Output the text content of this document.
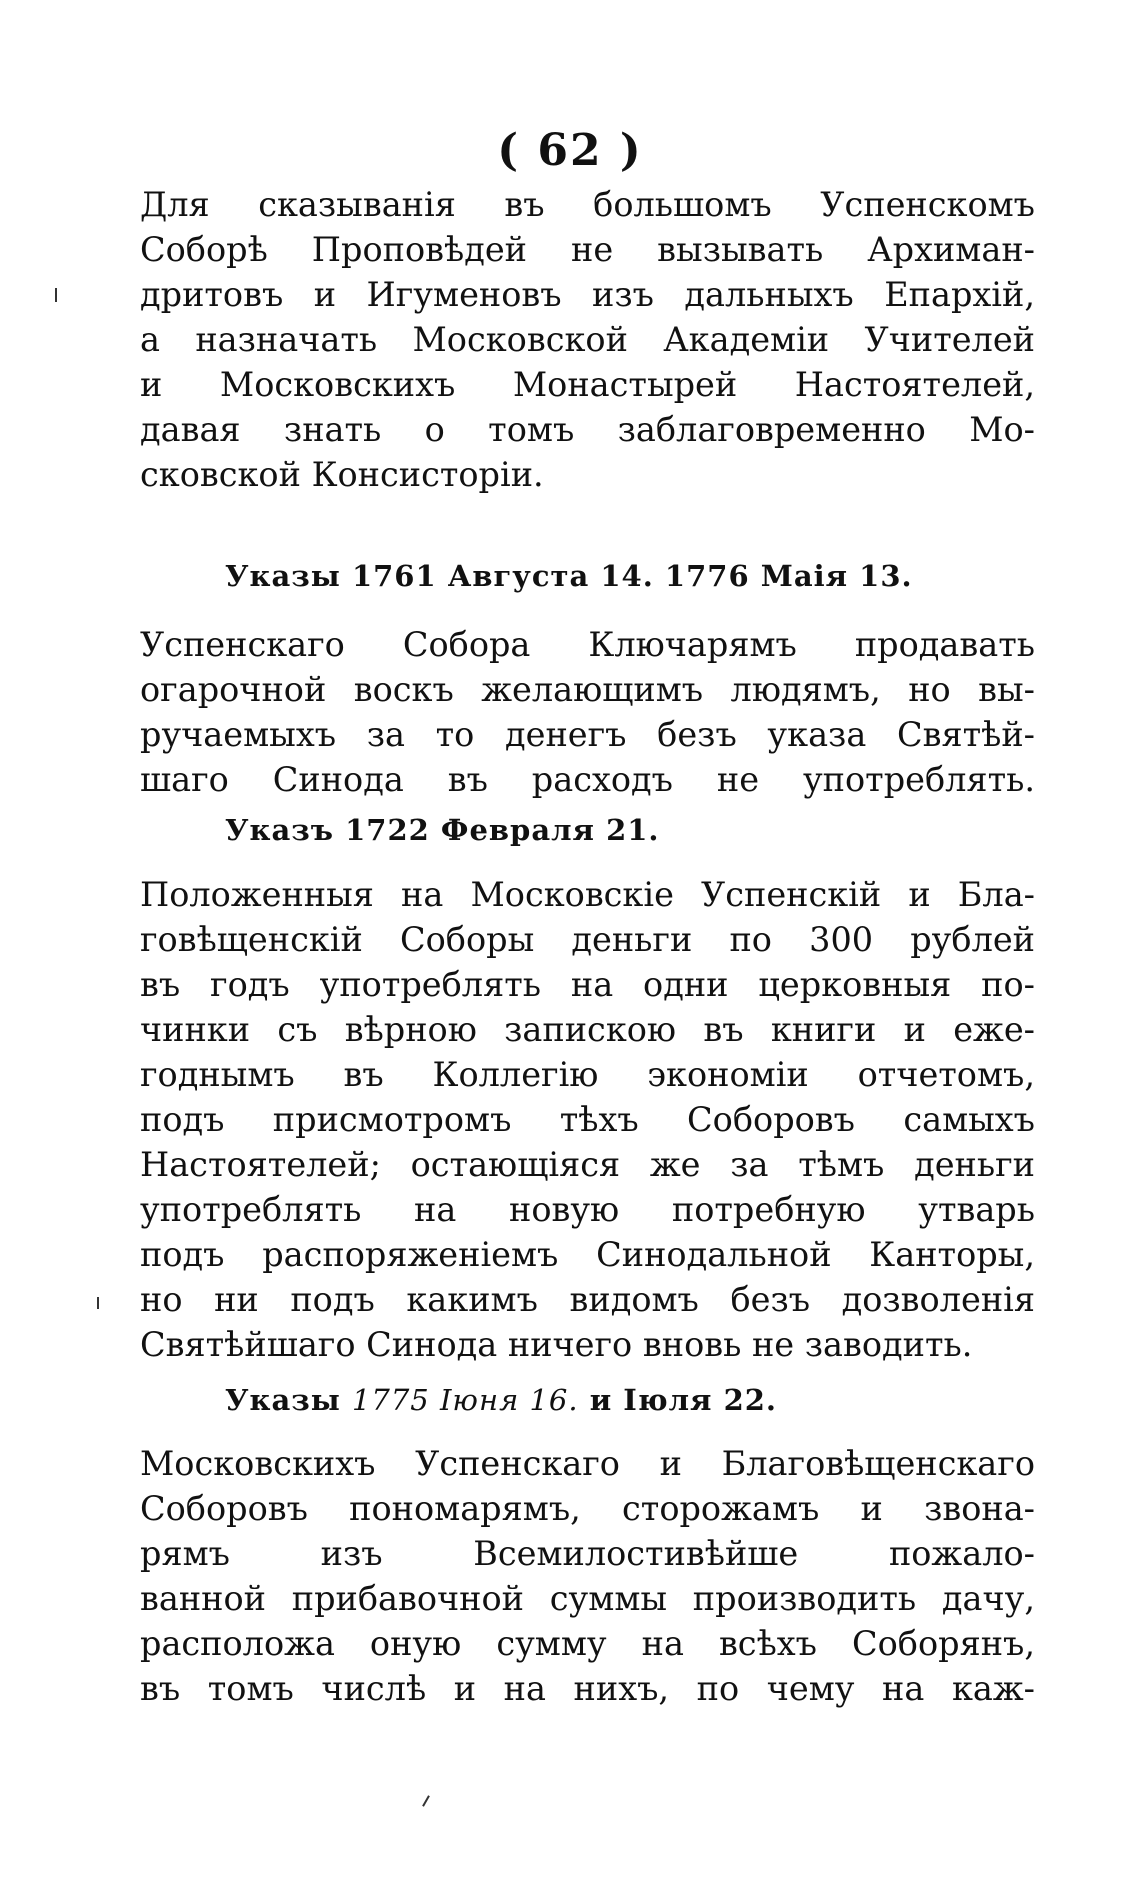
( 62 )
Для сказыванія въ большомъ Успенскомъ
Соборѣ Проповѣдей не вызывать Архиман-
дритовъ и Игуменовъ изъ дальныхъ Епархій,
а назначать Московской Академіи Учителей
и Московскихъ Монастырей Настоятелей,
давая знать о томъ заблаговременно Мо-
сковской Консисторіи.
Указы 1761 Августа 14. 1776 Маія 13.
Успенскаго Собора Ключарямъ продавать
огарочной воскъ желающимъ людямъ, но вы-
ручаемыхъ за то денегъ безъ указа Святѣй-
шаго Синода въ расходъ не употреблять.
Указъ 1722 Февраля 21.
Положенныя на Московскіе Успенскій и Бла-
говѣщенскій Соборы деньги по 300 рублей
въ годъ употреблять на одни церковныя по-
чинки съ вѣрною запискою въ книги и еже-
годнымъ въ Коллегію экономіи отчетомъ,
подъ присмотромъ тѣхъ Соборовъ самыхъ
Настоятелей; остающіяся же за тѣмъ деньги
употреблять на новую потребную утварь
подъ распоряженіемъ Синодальной Канторы,
но ни подъ какимъ видомъ безъ дозволенія
Святѣйшаго Синода ничего вновь не заводить.
Указы 1775 Іюня 16. и Іюля 22.
Московскихъ Успенскаго и Благовѣщенскаго
Соборовъ пономарямъ, сторожамъ и звона-
рямъ изъ Всемилостивѣйше пожало-
ванной прибавочной суммы производить дачу,
расположа оную сумму на всѣхъ Соборянъ,
въ томъ числѣ и на нихъ, по чему на каж-
